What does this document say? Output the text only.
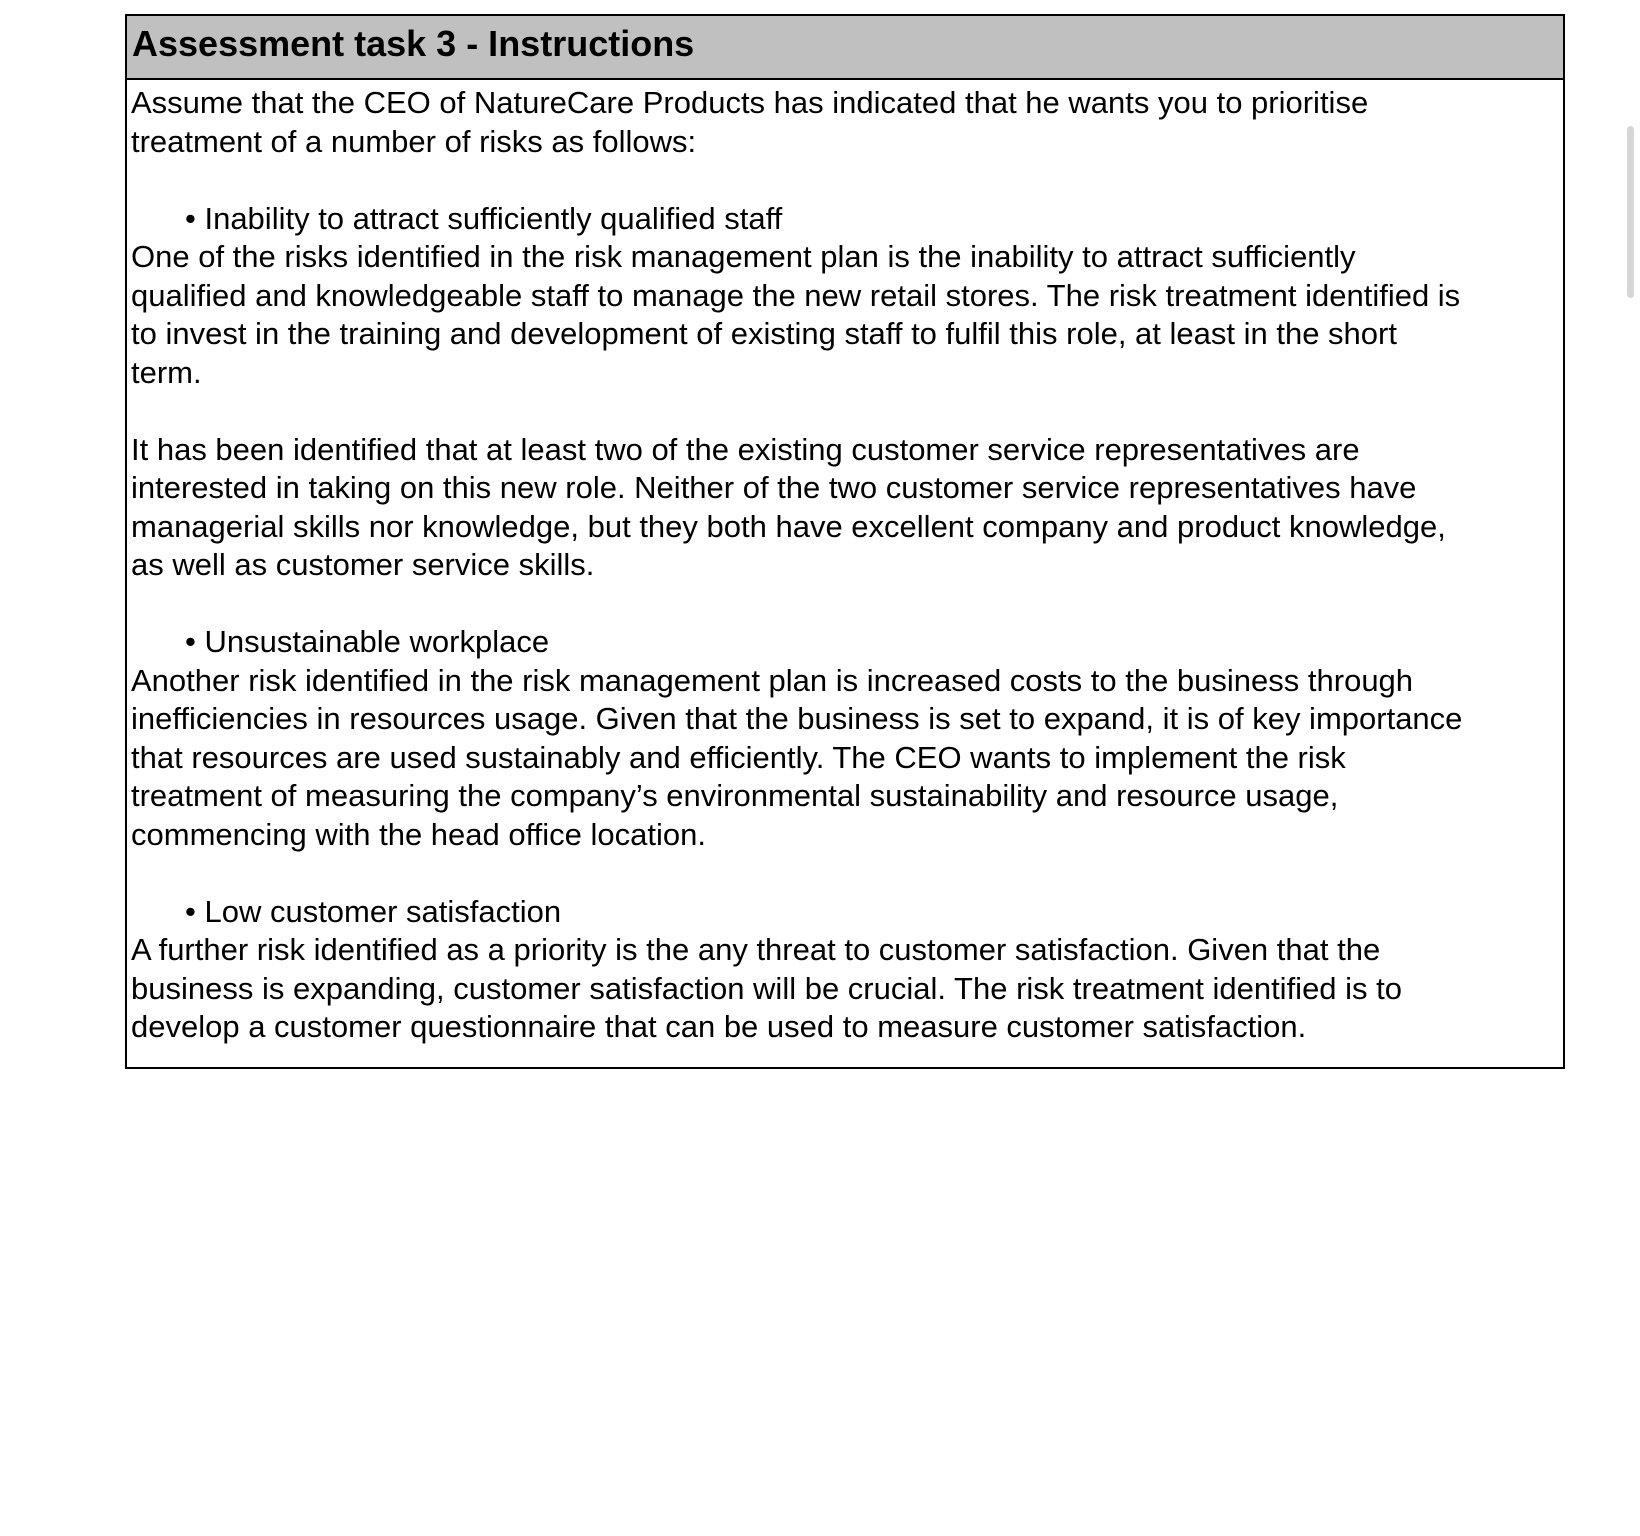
Assessment task 3 - Instructions
Assume that the CEO of NatureCare Products has indicated that he wants you to prioritise
treatment of a number of risks as follows:
• Inability to attract sufficiently qualified staff
One of the risks identified in the risk management plan is the inability to attract sufficiently
qualified and knowledgeable staff to manage the new retail stores. The risk treatment identified is
to invest in the training and development of existing staff to fulfil this role, at least in the short
term.
It has been identified that at least two of the existing customer service representatives are
interested in taking on this new role. Neither of the two customer service representatives have
managerial skills nor knowledge, but they both have excellent company and product knowledge,
as well as customer service skills.
• Unsustainable workplace
Another risk identified in the risk management plan is increased costs to the business through
inefficiencies in resources usage. Given that the business is set to expand, it is of key importance
that resources are used sustainably and efficiently. The CEO wants to implement the risk
treatment of measuring the company’s environmental sustainability and resource usage,
commencing with the head office location.
• Low customer satisfaction
A further risk identified as a priority is the any threat to customer satisfaction. Given that the
business is expanding, customer satisfaction will be crucial. The risk treatment identified is to
develop a customer questionnaire that can be used to measure customer satisfaction.
